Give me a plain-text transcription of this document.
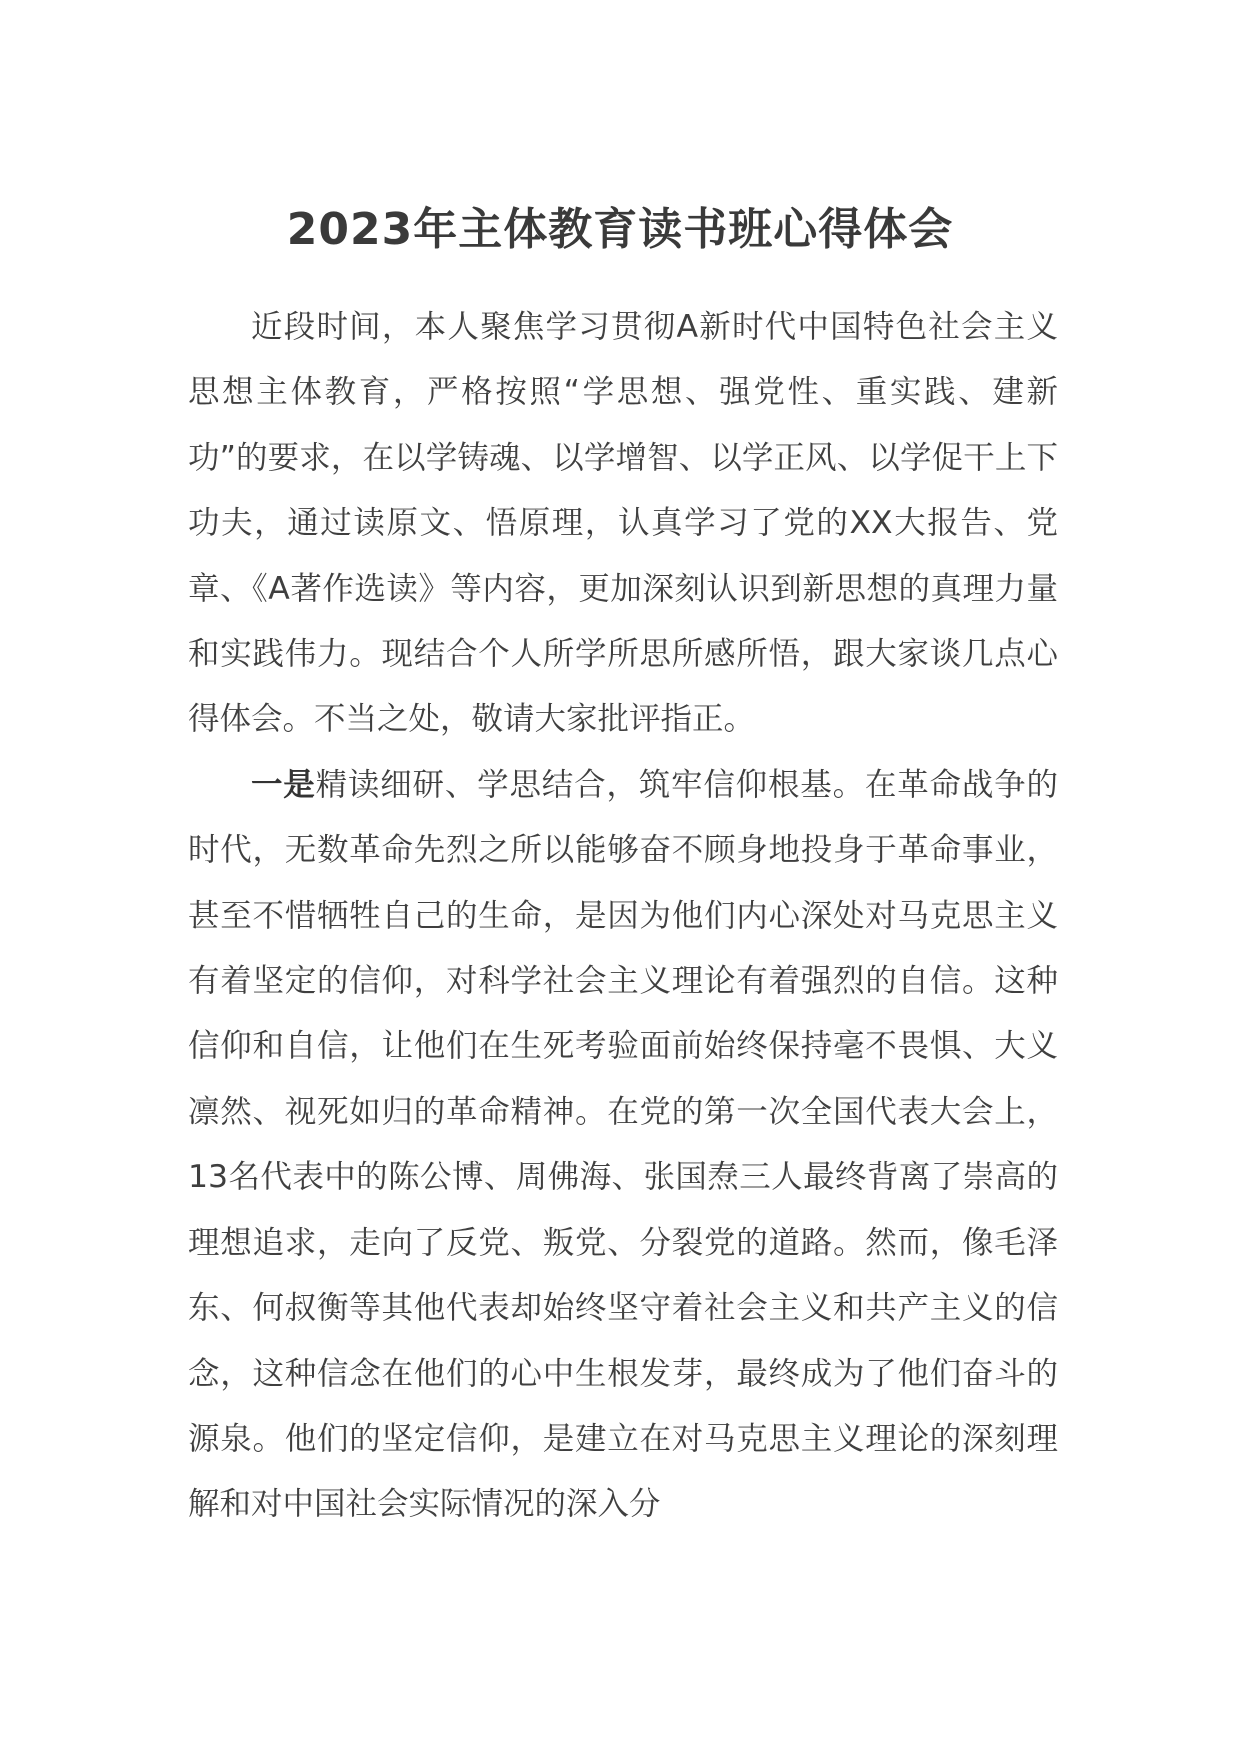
2023年主体教育读书班心得体会

近段时间，本人聚焦学习贯彻A新时代中国特色社会主义思想主体教育，严格按照“学思想、强党性、重实践、建新功”的要求，在以学铸魂、以学增智、以学正风、以学促干上下功夫，通过读原文、悟原理，认真学习了党的XX大报告、党章、《A著作选读》等内容，更加深刻认识到新思想的真理力量和实践伟力。现结合个人所学所思所感所悟，跟大家谈几点心得体会。不当之处，敬请大家批评指正。

一是精读细研、学思结合，筑牢信仰根基。在革命战争的时代，无数革命先烈之所以能够奋不顾身地投身于革命事业，甚至不惜牺牲自己的生命，是因为他们内心深处对马克思主义有着坚定的信仰，对科学社会主义理论有着强烈的自信。这种信仰和自信，让他们在生死考验面前始终保持毫不畏惧、大义凛然、视死如归的革命精神。在党的第一次全国代表大会上，13名代表中的陈公博、周佛海、张国焘三人最终背离了崇高的理想追求，走向了反党、叛党、分裂党的道路。然而，像毛泽东、何叔衡等其他代表却始终坚守着社会主义和共产主义的信念，这种信念在他们的心中生根发芽，最终成为了他们奋斗的源泉。他们的坚定信仰，是建立在对马克思主义理论的深刻理解和对中国社会实际情况的深入分
